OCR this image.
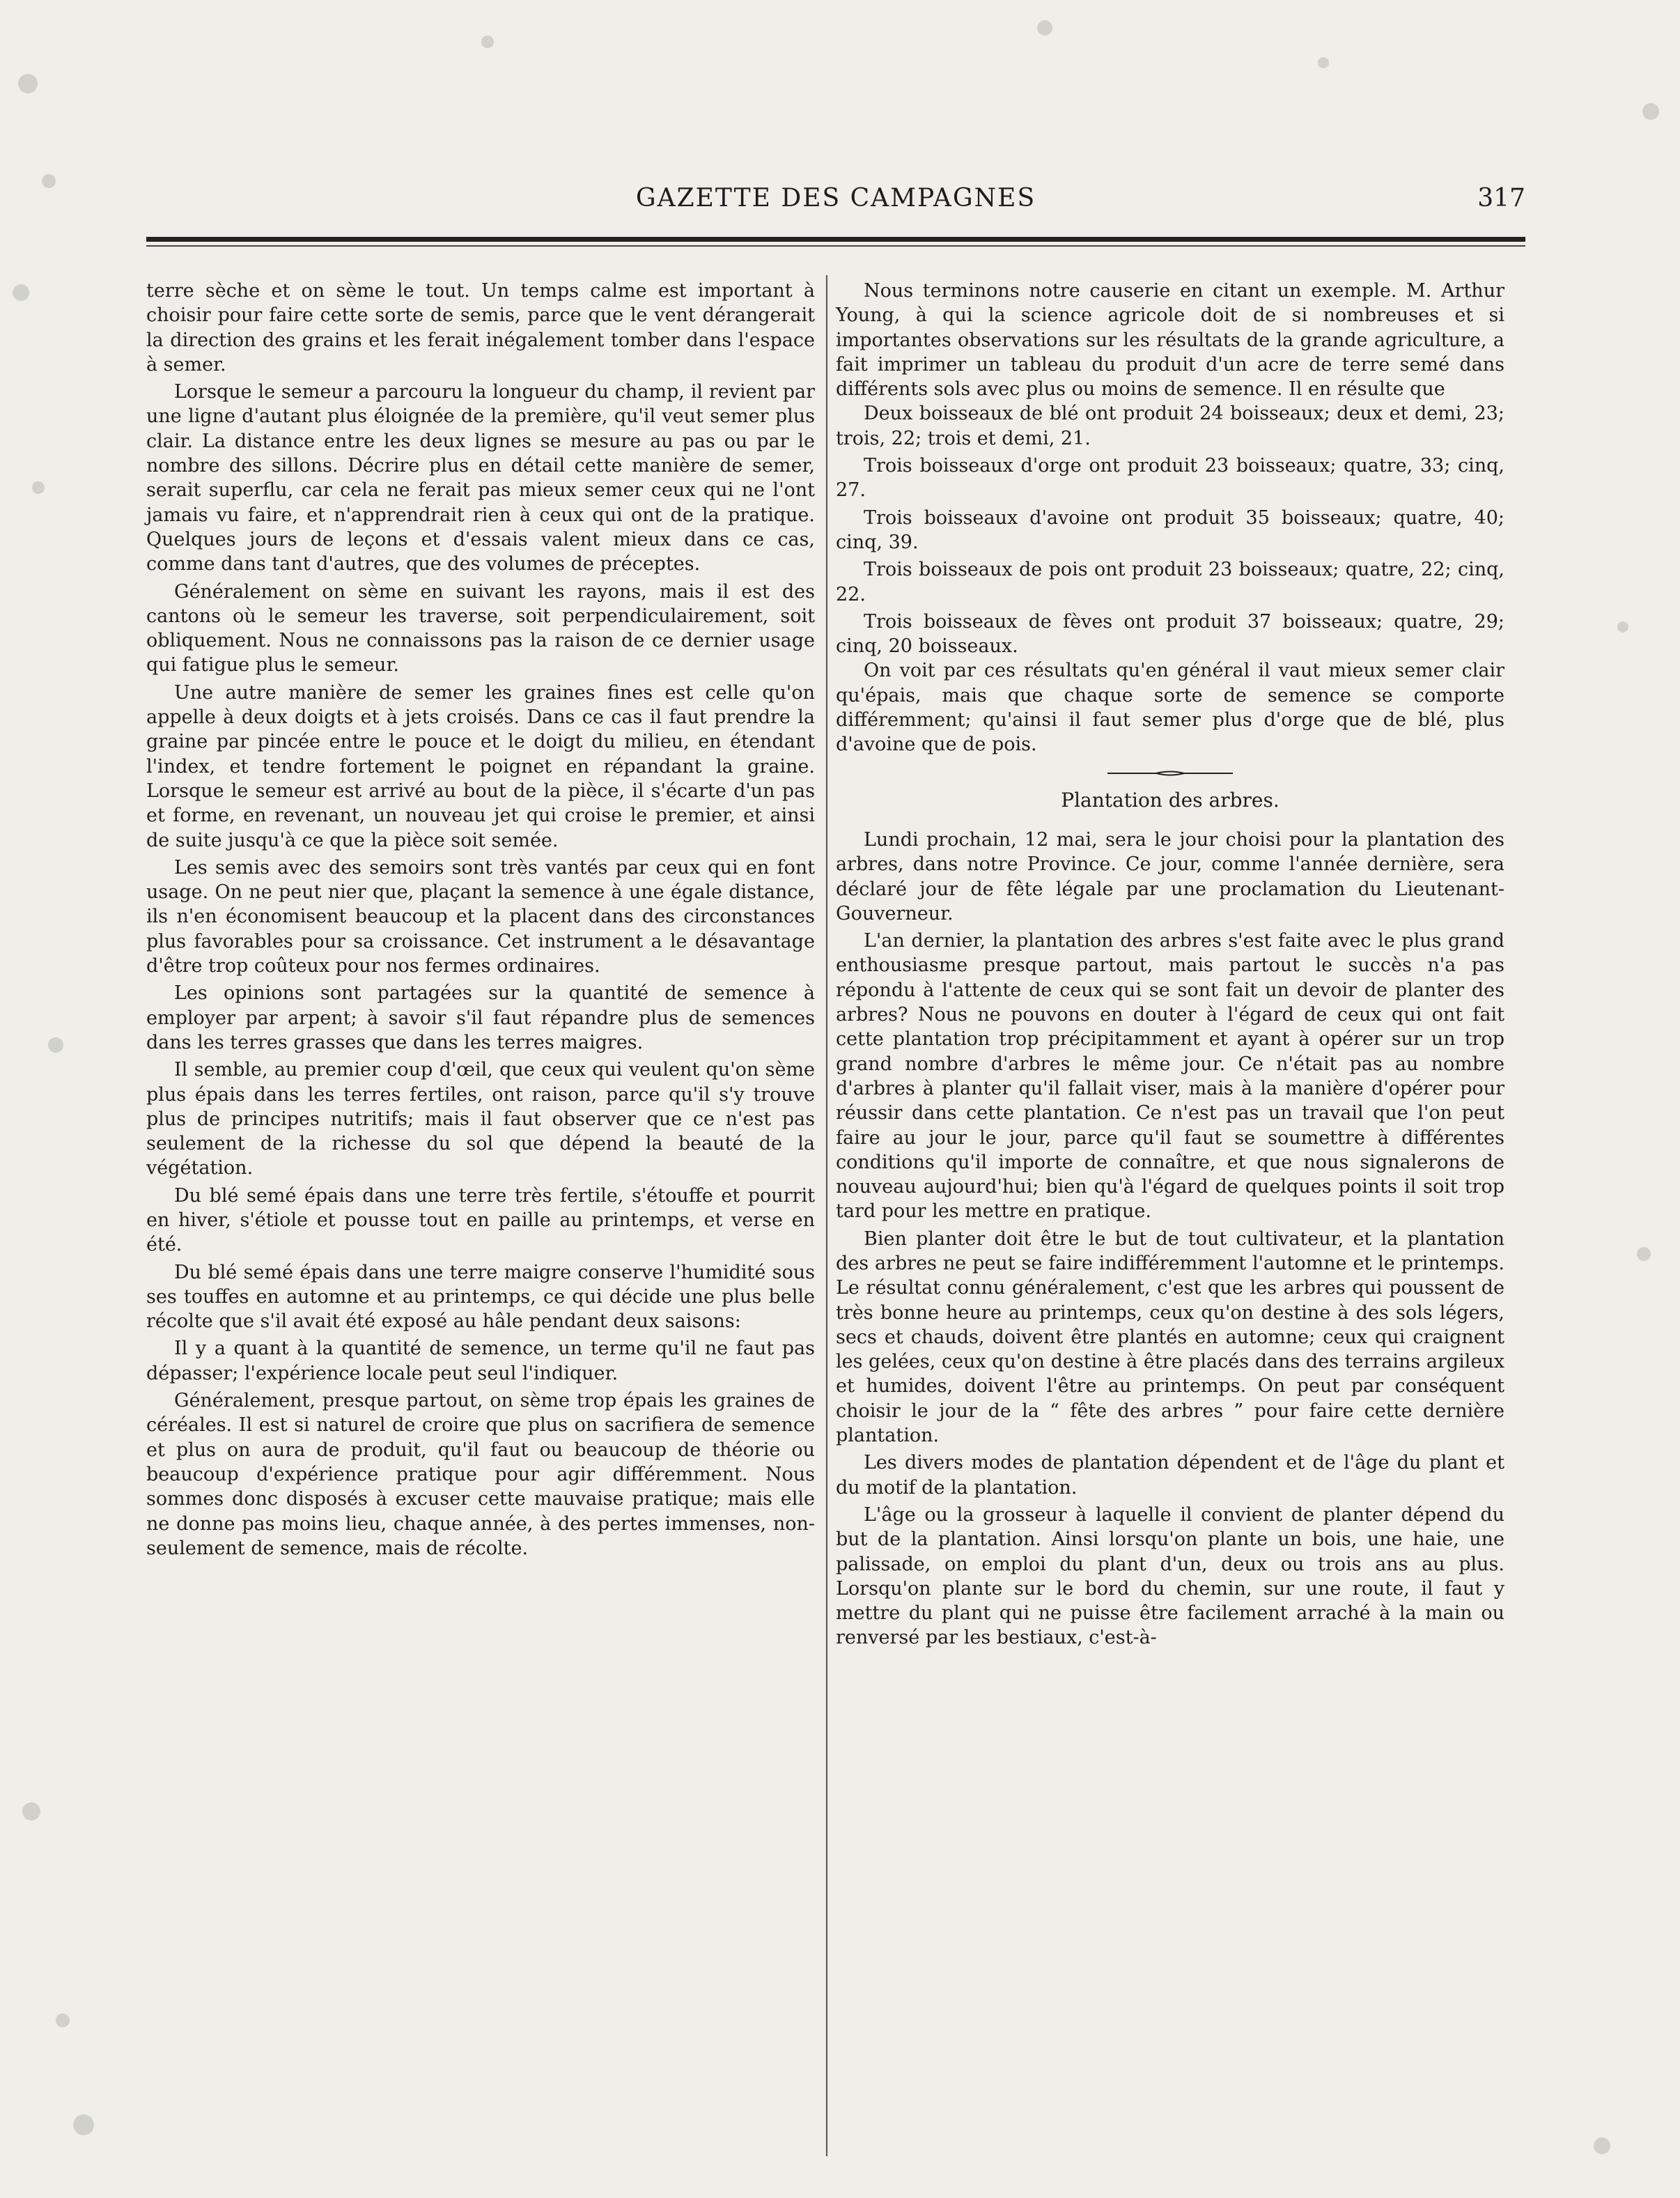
GAZETTE DES CAMPAGNES	317

terre sèche et on sème le tout. Un temps calme est important à choisir pour faire cette sorte de semis, parce que le vent dérangerait la direction des grains et les ferait inégalement tomber dans l'espace à semer.

Lorsque le semeur a parcouru la longueur du champ, il revient par une ligne d'autant plus éloignée de la première, qu'il veut semer plus clair. La distance entre les deux lignes se mesure au pas ou par le nombre des sillons. Décrire plus en détail cette manière de semer, serait superflu, car cela ne ferait pas mieux semer ceux qui ne l'ont jamais vu faire, et n'apprendrait rien à ceux qui ont de la pratique. Quelques jours de leçons et d'essais valent mieux dans ce cas, comme dans tant d'autres, que des volumes de préceptes.

Généralement on sème en suivant les rayons, mais il est des cantons où le semeur les traverse, soit perpendiculairement, soit obliquement. Nous ne connaissons pas la raison de ce dernier usage qui fatigue plus le semeur.

Une autre manière de semer les graines fines est celle qu'on appelle à deux doigts et à jets croisés. Dans ce cas il faut prendre la graine par pincée entre le pouce et le doigt du milieu, en étendant l'index, et tendre fortement le poignet en répandant la graine. Lorsque le semeur est arrivé au bout de la pièce, il s'écarte d'un pas et forme, en revenant, un nouveau jet qui croise le premier, et ainsi de suite jusqu'à ce que la pièce soit semée.

Les semis avec des semoirs sont très vantés par ceux qui en font usage. On ne peut nier que, plaçant la semence à une égale distance, ils n'en économisent beaucoup et la placent dans des circonstances plus favorables pour sa croissance. Cet instrument a le désavantage d'être trop coûteux pour nos fermes ordinaires.

Les opinions sont partagées sur la quantité de semence à employer par arpent; à savoir s'il faut répandre plus de semences dans les terres grasses que dans les terres maigres.

Il semble, au premier coup d'œil, que ceux qui veulent qu'on sème plus épais dans les terres fertiles, ont raison, parce qu'il s'y trouve plus de principes nutritifs; mais il faut observer que ce n'est pas seulement de la richesse du sol que dépend la beauté de la végétation.

Du blé semé épais dans une terre très fertile, s'étouffe et pourrit en hiver, s'étiole et pousse tout en paille au printemps, et verse en été.

Du blé semé épais dans une terre maigre conserve l'humidité sous ses touffes en automne et au printemps, ce qui décide une plus belle récolte que s'il avait été exposé au hâle pendant deux saisons:

Il y a quant à la quantité de semence, un terme qu'il ne faut pas dépasser; l'expérience locale peut seul l'indiquer.

Généralement, presque partout, on sème trop épais les graines de céréales. Il est si naturel de croire que plus on sacrifiera de semence et plus on aura de produit, qu'il faut ou beaucoup de théorie ou beaucoup d'expérience pratique pour agir différemment. Nous sommes donc disposés à excuser cette mauvaise pratique; mais elle ne donne pas moins lieu, chaque année, à des pertes immenses, non-seulement de semence, mais de récolte.

Nous terminons notre causerie en citant un exemple. M. Arthur Young, à qui la science agricole doit de si nombreuses et si importantes observations sur les résultats de la grande agriculture, a fait imprimer un tableau du produit d'un acre de terre semé dans différents sols avec plus ou moins de semence. Il en résulte que

Deux boisseaux de blé ont produit 24 boisseaux; deux et demi, 23; trois, 22; trois et demi, 21.

Trois boisseaux d'orge ont produit 23 boisseaux; quatre, 33; cinq, 27.

Trois boisseaux d'avoine ont produit 35 boisseaux; quatre, 40; cinq, 39.

Trois boisseaux de pois ont produit 23 boisseaux; quatre, 22; cinq, 22.

Trois boisseaux de fèves ont produit 37 boisseaux; quatre, 29; cinq, 20 boisseaux.

On voit par ces résultats qu'en général il vaut mieux semer clair qu'épais, mais que chaque sorte de semence se comporte différemment; qu'ainsi il faut semer plus d'orge que de blé, plus d'avoine que de pois.

Plantation des arbres.

Lundi prochain, 12 mai, sera le jour choisi pour la plantation des arbres, dans notre Province. Ce jour, comme l'année dernière, sera déclaré jour de fête légale par une proclamation du Lieutenant-Gouverneur.

L'an dernier, la plantation des arbres s'est faite avec le plus grand enthousiasme presque partout, mais partout le succès n'a pas répondu à l'attente de ceux qui se sont fait un devoir de planter des arbres? Nous ne pouvons en douter à l'égard de ceux qui ont fait cette plantation trop précipitamment et ayant à opérer sur un trop grand nombre d'arbres le même jour. Ce n'était pas au nombre d'arbres à planter qu'il fallait viser, mais à la manière d'opérer pour réussir dans cette plantation. Ce n'est pas un travail que l'on peut faire au jour le jour, parce qu'il faut se soumettre à différentes conditions qu'il importe de connaître, et que nous signalerons de nouveau aujourd'hui; bien qu'à l'égard de quelques points il soit trop tard pour les mettre en pratique.

Bien planter doit être le but de tout cultivateur, et la plantation des arbres ne peut se faire indifféremment l'automne et le printemps. Le résultat connu généralement, c'est que les arbres qui poussent de très bonne heure au printemps, ceux qu'on destine à des sols légers, secs et chauds, doivent être plantés en automne; ceux qui craignent les gelées, ceux qu'on destine à être placés dans des terrains argileux et humides, doivent l'être au printemps. On peut par conséquent choisir le jour de la “ fête des arbres ” pour faire cette dernière plantation.

Les divers modes de plantation dépendent et de l'âge du plant et du motif de la plantation.

L'âge ou la grosseur à laquelle il convient de planter dépend du but de la plantation. Ainsi lorsqu'on plante un bois, une haie, une palissade, on emploi du plant d'un, deux ou trois ans au plus. Lorsqu'on plante sur le bord du chemin, sur une route, il faut y mettre du plant qui ne puisse être facilement arraché à la main ou renversé par les bestiaux, c'est-à-
